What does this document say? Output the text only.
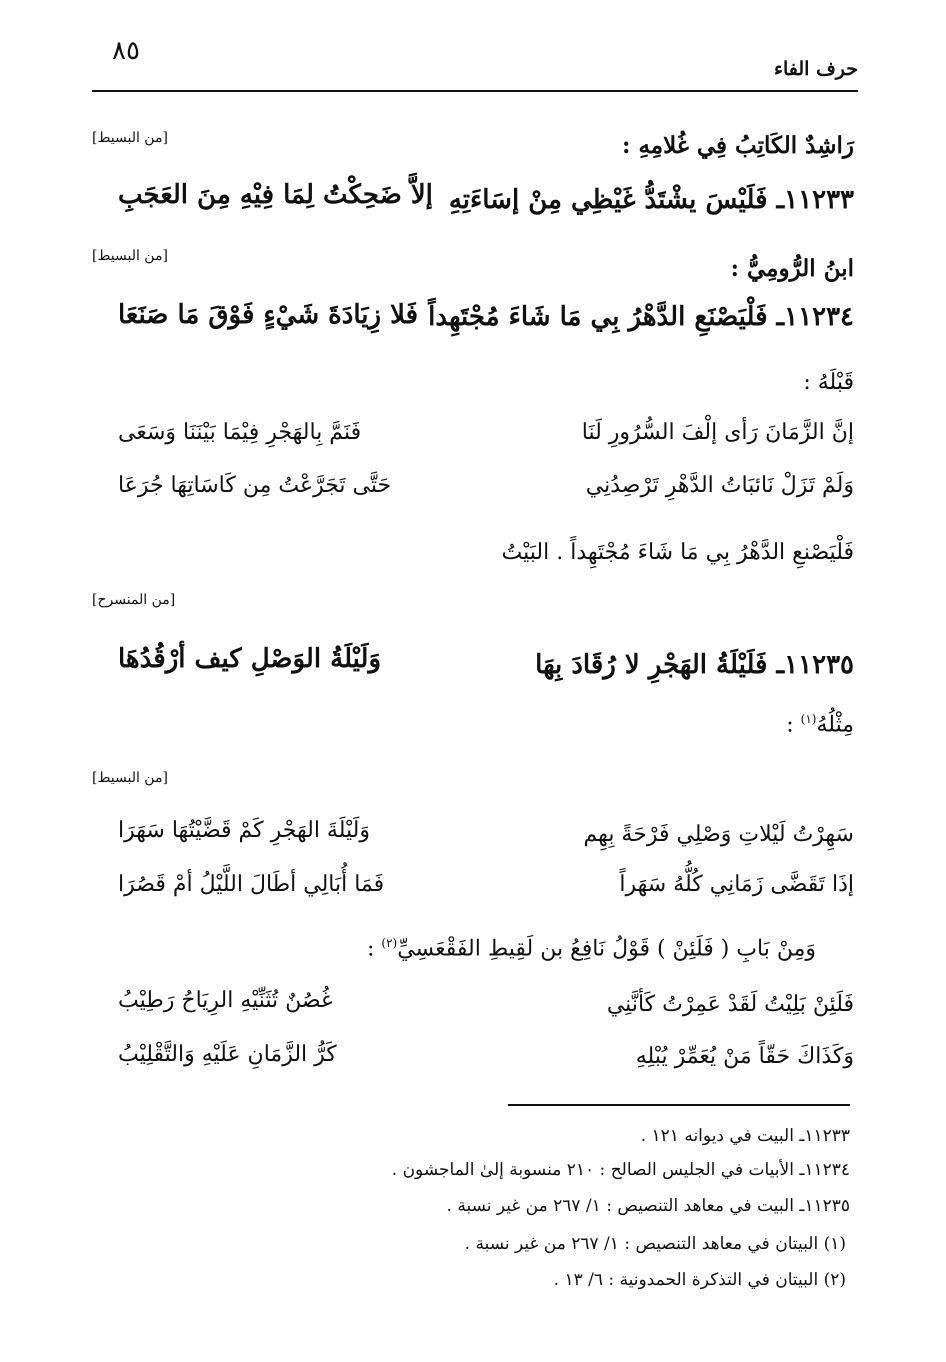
٨٥
حرف الفاء
رَاشِدٌ الكَاتِبُ فِي غُلامِهِ :
[من البسيط]
١١٢٣٣ـ فَلَيْسَ يشْتَدُّ غَيْظِي مِنْ إسَاءَتِهِ
إلاَّ ضَحِكْتُ لِمَا فِيْهِ مِنَ العَجَبِ
ابنُ الرُّومِيُّ :
[من البسيط]
١١٢٣٤ـ فَلْيَصْنَعِ الدَّهْرُ بِي مَا شَاءَ مُجْتَهِداً
فَلا زِيَادَةَ شَيْءٍ فَوْقَ مَا صَنَعَا
قَبْلَهُ :
إنَّ الزَّمَانَ رَأى إلْفَ السُّرُورِ لَنَا
فَنَمَّ بِالهَجْرِ فِيْمَا بَيْنَنَا وَسَعَى
وَلَمْ تَزَلْ نَائبَاتُ الدَّهْرِ تَرْصِدُنِي
حَتَّى تَجَرَّعْتُ مِن كَاسَاتِهَا جُرَعَا
فَلْيَصْنعِ الدَّهْرُ بِي مَا شَاءَ مُجْتَهِداً . البَيْتُ
[من المنسرح]
١١٢٣٥ـ فَلَيْلَةُ الهَجْرِ لا رُقَادَ بِهَا
وَلَيْلَةُ الوَصْلِ كيف أرْقُدُهَا
مِثْلُهُ$^{(١)}$ :
[من البسيط]
سَهِرْتُ لَيْلاتِ وَصْلِي فَرْحَةً بِهِم
وَلَيْلَةَ الهَجْرِ كَمْ قَضَّيْتُهَا سَهَرَا
إذَا تَقَضَّى زَمَانِي كُلُّهُ سَهَراً
فَمَا أُبَالِي أطَالَ اللَّيْلُ أمْ قَصُرَا
وَمِنْ بَابِ ( فَلَئِنْ ) قَوْلُ نَافِعُ بن لَقِيطِ الفَقْعَسِيِّ$^{(٢)}$ :
فَلَئِنْ بَلِيْتُ لَقَدْ عَمِرْتُ كَأنَّنِي
غُصُنٌ تُثَنِّيْهِ الرِيَاحُ رَطِيْبُ
وَكَذَاكَ حَقّاً مَنْ يُعَمِّرْ يُبْلِهِ
كَرُّ الزَّمَانِ عَلَيْهِ وَالتَّقْلِيْبُ
١١٢٣٣ـ البيت في ديوانه ١٢١ .
١١٢٣٤ـ الأبيات في الجليس الصالح : ٢١٠ منسوبة إلىٰ الماجشون .
١١٢٣٥ـ البيت في معاهد التنصيص : ١/ ٢٦٧ من غير نسبة .
(١) البيتان في معاهد التنصيص : ١/ ٢٦٧ من غير نسبة .
(٢) البيتان في التذكرة الحمدونية : ٦/ ١٣ .
